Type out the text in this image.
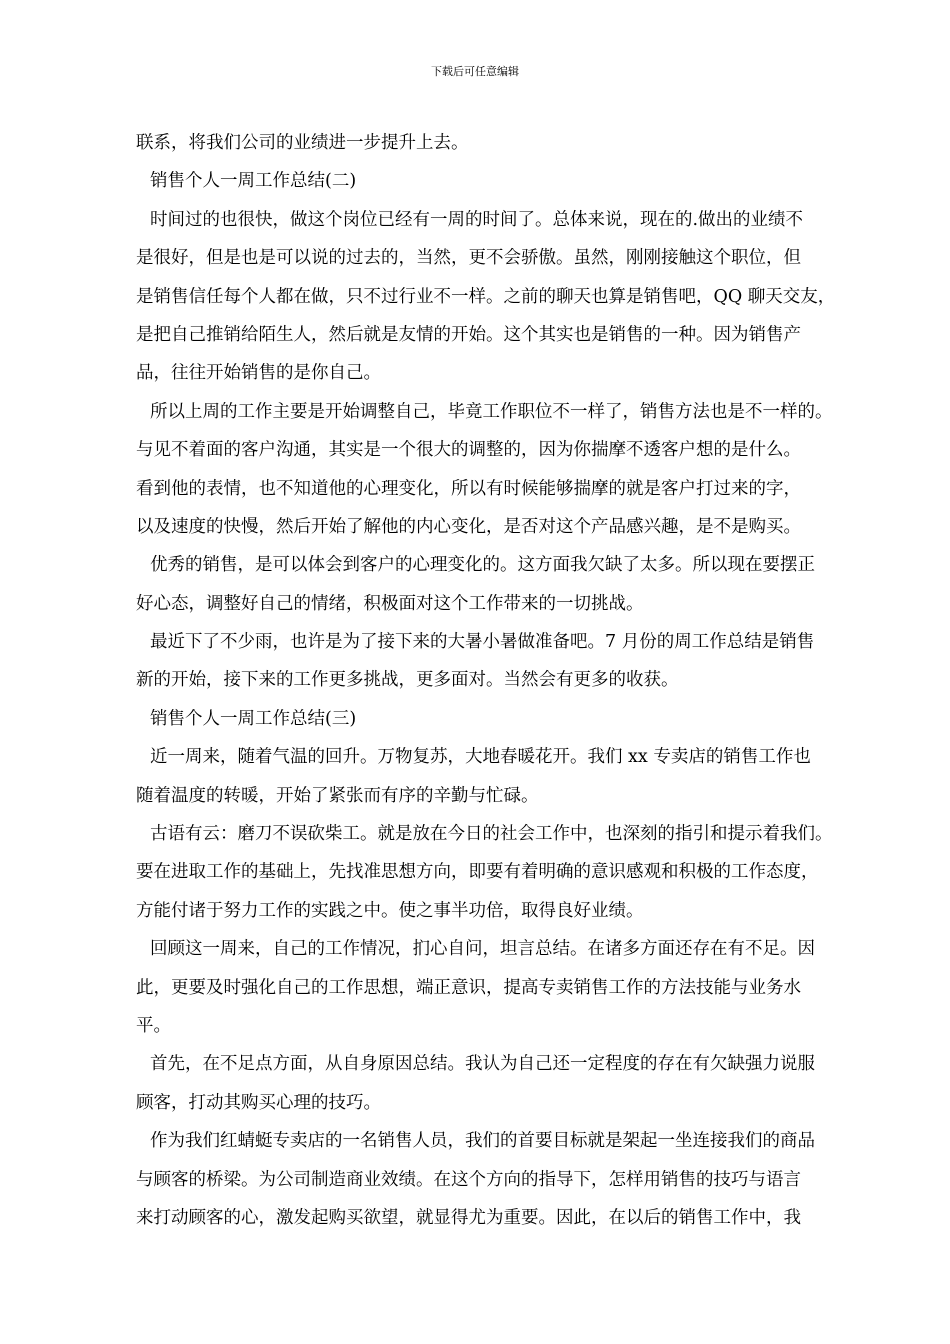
下载后可任意编辑
联系，将我们公司的业绩进一步提升上去。
销售个人一周工作总结(二)
时间过的也很快，做这个岗位已经有一周的时间了。总体来说，现在的.做出的业绩不
是很好，但是也是可以说的过去的，当然，更不会骄傲。虽然，刚刚接触这个职位，但
是销售信任每个人都在做，只不过行业不一样。之前的聊天也算是销售吧，QQ 聊天交友，
是把自己推销给陌生人，然后就是友情的开始。这个其实也是销售的一种。因为销售产
品，往往开始销售的是你自己。
所以上周的工作主要是开始调整自己，毕竟工作职位不一样了，销售方法也是不一样的。
与见不着面的客户沟通，其实是一个很大的调整的，因为你揣摩不透客户想的是什么。
看到他的表情，也不知道他的心理变化，所以有时候能够揣摩的就是客户打过来的字，
以及速度的快慢，然后开始了解他的内心变化，是否对这个产品感兴趣，是不是购买。
优秀的销售，是可以体会到客户的心理变化的。这方面我欠缺了太多。所以现在要摆正
好心态，调整好自己的情绪，积极面对这个工作带来的一切挑战。
最近下了不少雨，也许是为了接下来的大暑小暑做准备吧。7 月份的周工作总结是销售
新的开始，接下来的工作更多挑战，更多面对。当然会有更多的收获。
销售个人一周工作总结(三)
近一周来，随着气温的回升。万物复苏，大地春暖花开。我们 xx 专卖店的销售工作也
随着温度的转暖，开始了紧张而有序的辛勤与忙碌。
古语有云：磨刀不误砍柴工。就是放在今日的社会工作中，也深刻的指引和提示着我们。
要在进取工作的基础上，先找准思想方向，即要有着明确的意识感观和积极的工作态度，
方能付诸于努力工作的实践之中。使之事半功倍，取得良好业绩。
回顾这一周来，自己的工作情况，扪心自问，坦言总结。在诸多方面还存在有不足。因
此，更要及时强化自己的工作思想，端正意识，提高专卖销售工作的方法技能与业务水
平。
首先，在不足点方面，从自身原因总结。我认为自己还一定程度的存在有欠缺强力说服
顾客，打动其购买心理的技巧。
作为我们红蜻蜓专卖店的一名销售人员，我们的首要目标就是架起一坐连接我们的商品
与顾客的桥梁。为公司制造商业效绩。在这个方向的指导下，怎样用销售的技巧与语言
来打动顾客的心，激发起购买欲望，就显得尤为重要。因此，在以后的销售工作中，我
